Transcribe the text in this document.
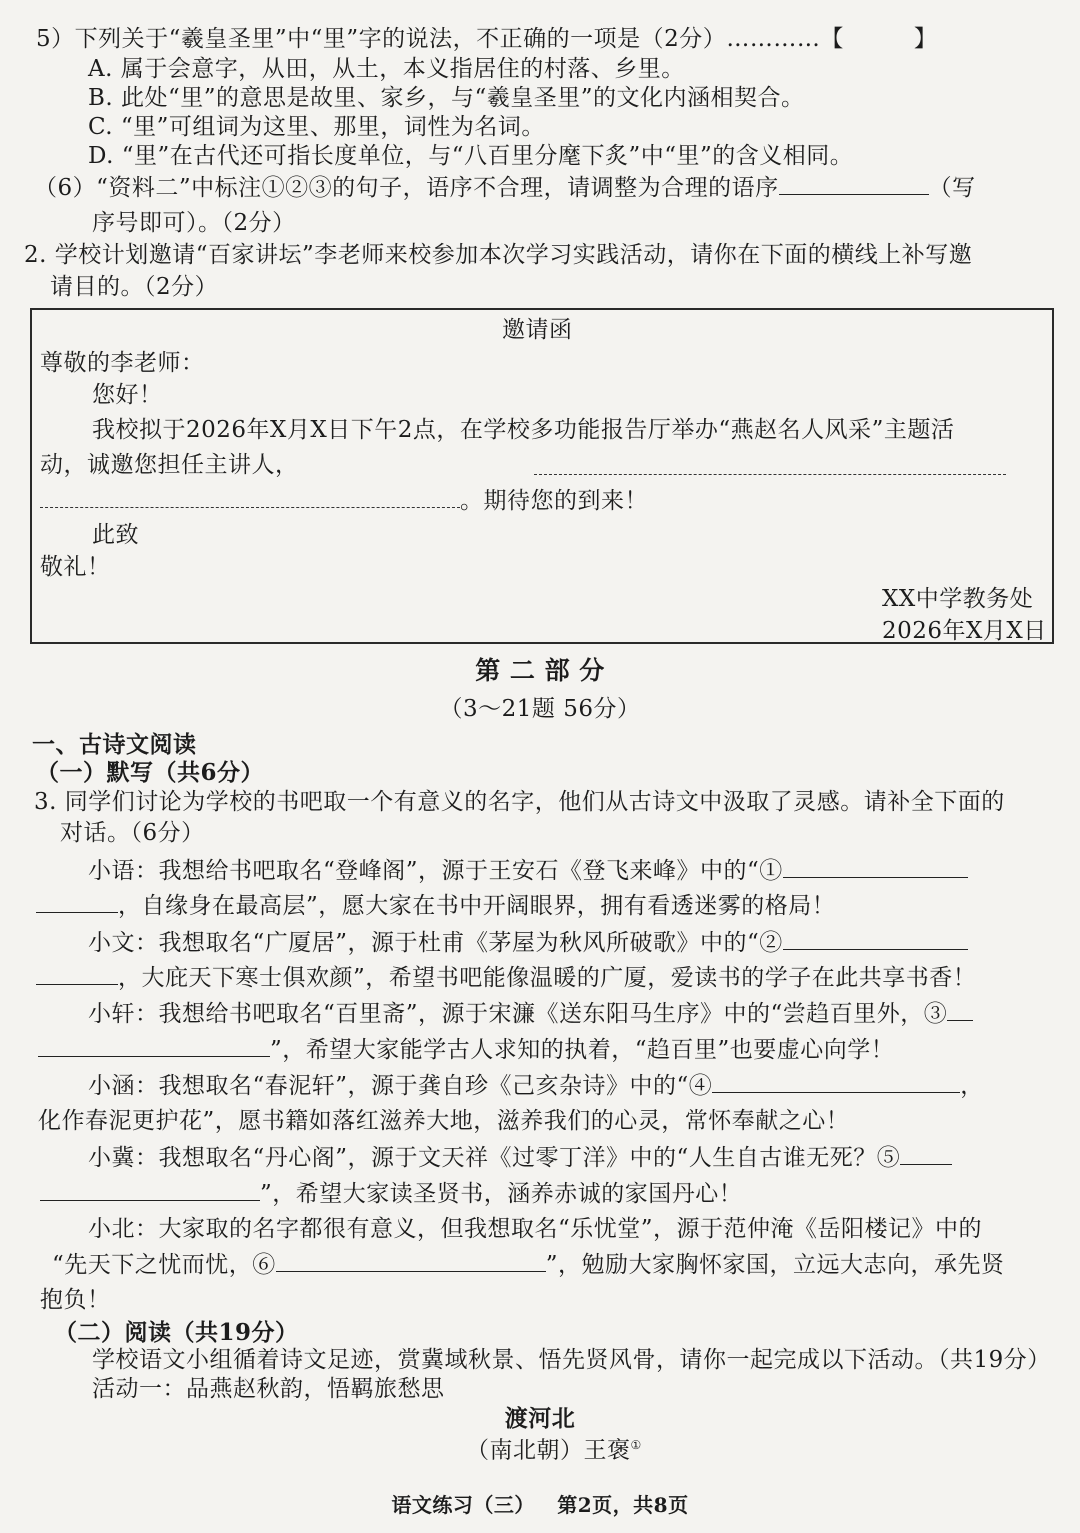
5）下列关于“羲皇圣里”中“里”字的说法，不正确的一项是（2分）…………【	】
A. 属于会意字，从田，从土，本义指居住的村落、乡里。
B. 此处“里”的意思是故里、家乡，与“羲皇圣里”的文化内涵相契合。
C. “里”可组词为这里、那里，词性为名词。
D. “里”在古代还可指长度单位，与“八百里分麾下炙”中“里”的含义相同。
（6）“资料二”中标注①②③的句子，语序不合理，请调整为合理的语序	（写
序号即可）。（2分）
2. 学校计划邀请“百家讲坛”李老师来校参加本次学习实践活动，请你在下面的横线上补写邀
请目的。（2分）
邀请函
尊敬的李老师：
您好！
我校拟于2026年X月X日下午2点，在学校多功能报告厅举办“燕赵名人风采”主题活
动，诚邀您担任主讲人，
。期待您的到来！
此致
敬礼！
XX中学教务处
2026年X月X日
第 二 部 分
（3～21题 56分）
一、古诗文阅读
（一）默写（共6分）
3. 同学们讨论为学校的书吧取一个有意义的名字，他们从古诗文中汲取了灵感。请补全下面的
对话。（6分）
小语：我想给书吧取名“登峰阁”，源于王安石《登飞来峰》中的“①
，自缘身在最高层”，愿大家在书中开阔眼界，拥有看透迷雾的格局！
小文：我想取名“广厦居”，源于杜甫《茅屋为秋风所破歌》中的“②
，大庇天下寒士俱欢颜”，希望书吧能像温暖的广厦，爱读书的学子在此共享书香！
小轩：我想给书吧取名“百里斋”，源于宋濂《送东阳马生序》中的“尝趋百里外，③
”，希望大家能学古人求知的执着，“趋百里”也要虚心向学！
小涵：我想取名“春泥轩”，源于龚自珍《己亥杂诗》中的“④	，
化作春泥更护花”，愿书籍如落红滋养大地，滋养我们的心灵，常怀奉献之心！
小冀：我想取名“丹心阁”，源于文天祥《过零丁洋》中的“人生自古谁无死？⑤
”，希望大家读圣贤书，涵养赤诚的家国丹心！
小北：大家取的名字都很有意义，但我想取名“乐忧堂”，源于范仲淹《岳阳楼记》中的
“先天下之忧而忧，⑥	”，勉励大家胸怀家国，立远大志向，承先贤
抱负！
（二）阅读（共19分）
学校语文小组循着诗文足迹，赏冀域秋景、悟先贤风骨，请你一起完成以下活动。（共19分）
活动一：品燕赵秋韵，悟羁旅愁思
渡河北
（南北朝）王褒①
语文练习（三）   第2页，共8页
